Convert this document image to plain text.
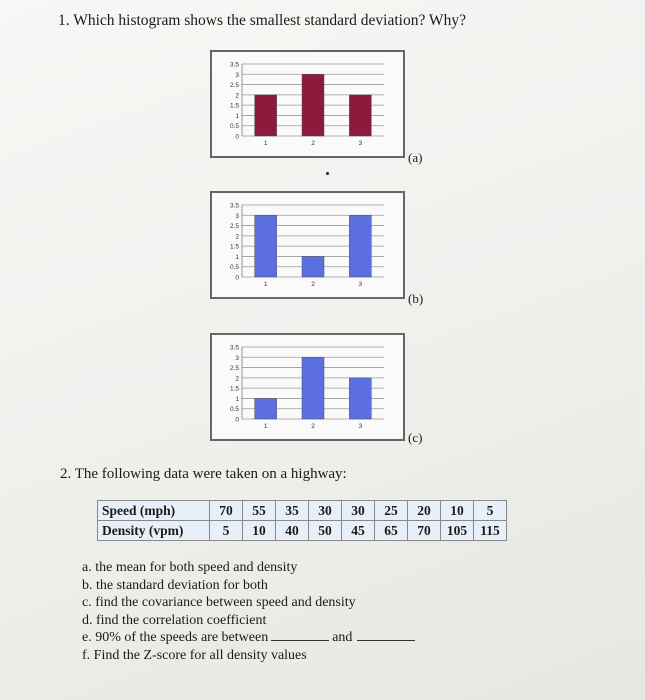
1. Which histogram shows the smallest standard deviation? Why?
3.5
3
2.5
2
1.5
1
0.5
0
1	2	3
(a)
3.5
3
2.5
2
1.5
1
0.5
0
1	2	3
(b)
3.5
3
2.5
2
1.5
1
0.5
0
1	2	3
(c)
2. The following data were taken on a highway:
Speed (mph)	70	55	35	30	30	25	20	10	5
Density (vpm)	5	10	40	50	45	65	70	105	115
a. the mean for both speed and density
b. the standard deviation for both
c. find the covariance between speed and density
d. find the correlation coefficient
e. 90% of the speeds are between	and
f. Find the Z-score for all density values
